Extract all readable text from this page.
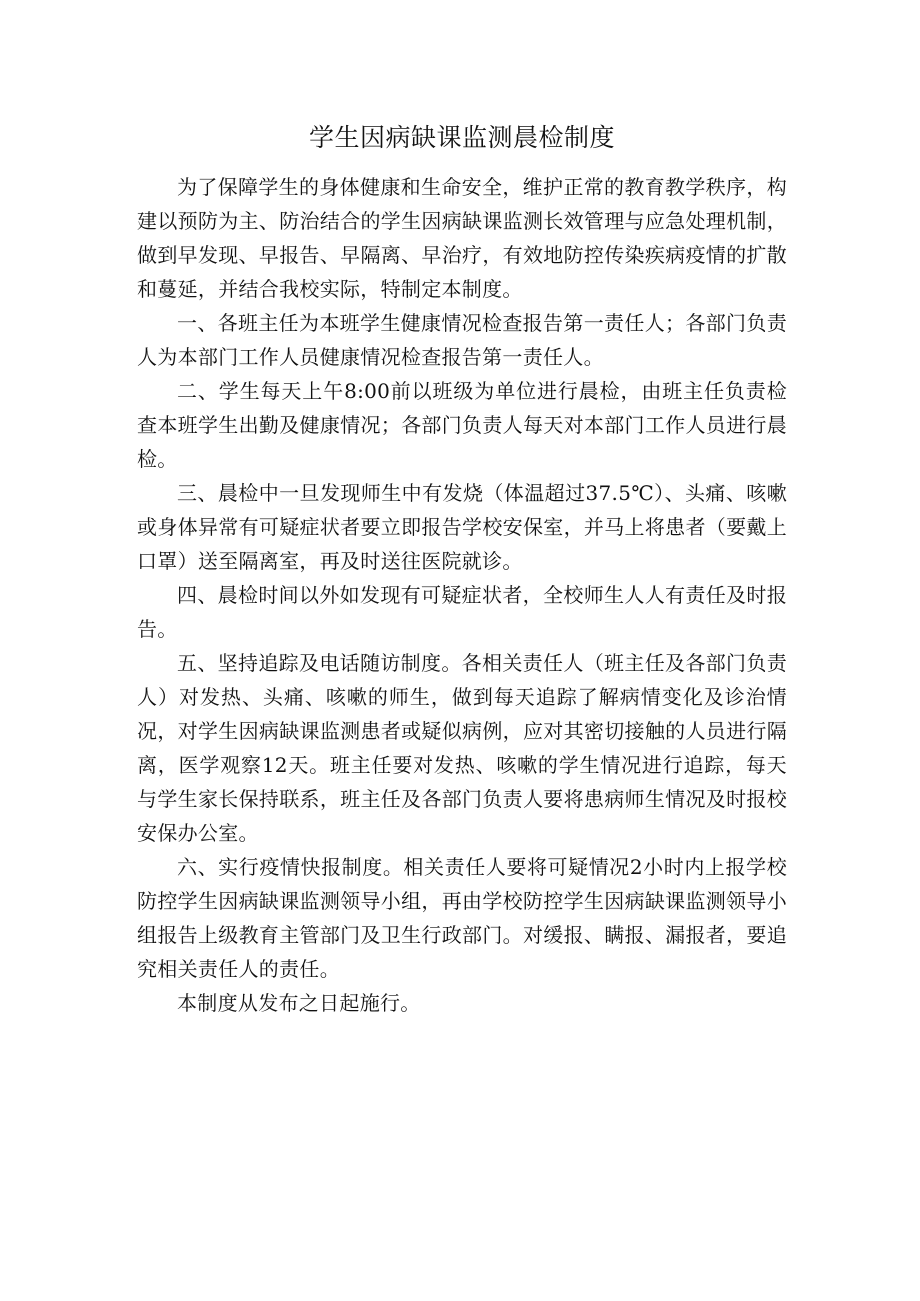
学生因病缺课监测晨检制度

为了保障学生的身体健康和生命安全，维护正常的教育教学秩序，构建以预防为主、防治结合的学生因病缺课监测长效管理与应急处理机制，做到早发现、早报告、早隔离、早治疗，有效地防控传染疾病疫情的扩散和蔓延，并结合我校实际，特制定本制度。

一、各班主任为本班学生健康情况检查报告第一责任人；各部门负责人为本部门工作人员健康情况检查报告第一责任人。

二、学生每天上午8:00前以班级为单位进行晨检，由班主任负责检查本班学生出勤及健康情况；各部门负责人每天对本部门工作人员进行晨检。

三、晨检中一旦发现师生中有发烧（体温超过37.5℃）、头痛、咳嗽或身体异常有可疑症状者要立即报告学校安保室，并马上将患者（要戴上口罩）送至隔离室，再及时送往医院就诊。

四、晨检时间以外如发现有可疑症状者，全校师生人人有责任及时报告。

五、坚持追踪及电话随访制度。各相关责任人（班主任及各部门负责人）对发热、头痛、咳嗽的师生，做到每天追踪了解病情变化及诊治情况，对学生因病缺课监测患者或疑似病例，应对其密切接触的人员进行隔离，医学观察12天。班主任要对发热、咳嗽的学生情况进行追踪，每天与学生家长保持联系，班主任及各部门负责人要将患病师生情况及时报校安保办公室。

六、实行疫情快报制度。相关责任人要将可疑情况2小时内上报学校防控学生因病缺课监测领导小组，再由学校防控学生因病缺课监测领导小组报告上级教育主管部门及卫生行政部门。对缓报、瞒报、漏报者，要追究相关责任人的责任。

本制度从发布之日起施行。
